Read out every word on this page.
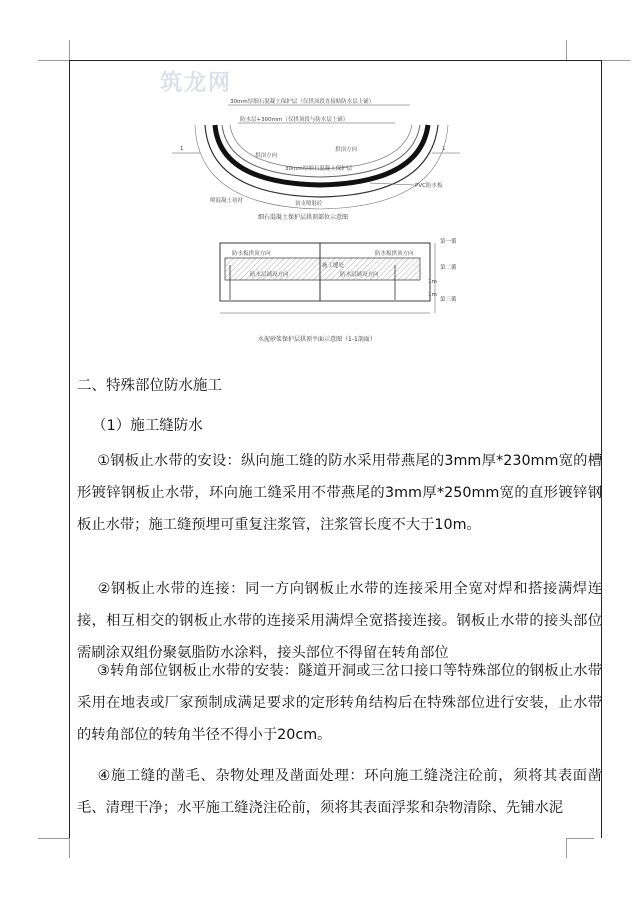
筑龙网
30mm厚细石混凝土保护层（仅拱顶段直接贴防水层上铺）
防水层+300mm（仅拱顶段与防水层上铺）
1	1
拱顶方向
拱顶方向
30mm厚细石混凝土保护层
PVC防水板
喷混凝土初衬	初支喷射砼
细石混凝土保护层拱顶部位示意图
防水板拱顶方向	防水板拱顶方向
施工缝处
防水层铺设方向	防水层铺设方向
第一循
第二循
1m
1m
第三循
水泥砂浆保护层拱顶平面示意图（1-1剖面）
二、特殊部位防水施工
（1）施工缝防水
①钢板止水带的安设：纵向施工缝的防水采用带燕尾的3mm厚*230mm宽的槽形镀锌钢板止水带，环向施工缝采用不带燕尾的3mm厚*250mm宽的直形镀锌钢板止水带；施工缝预埋可重复注浆管，注浆管长度不大于10m。
②钢板止水带的连接：同一方向钢板止水带的连接采用全宽对焊和搭接满焊连接，相互相交的钢板止水带的连接采用满焊全宽搭接连接。钢板止水带的接头部位需刷涂双组份聚氨脂防水涂料，接头部位不得留在转角部位
③转角部位钢板止水带的安装：隧道开洞或三岔口接口等特殊部位的钢板止水带采用在地表或厂家预制成满足要求的定形转角结构后在特殊部位进行安装，止水带的转角部位的转角半径不得小于20cm。
④施工缝的凿毛、杂物处理及凿面处理：环向施工缝浇注砼前，须将其表面凿毛、清理干净；水平施工缝浇注砼前，须将其表面浮浆和杂物清除、先铺水泥
